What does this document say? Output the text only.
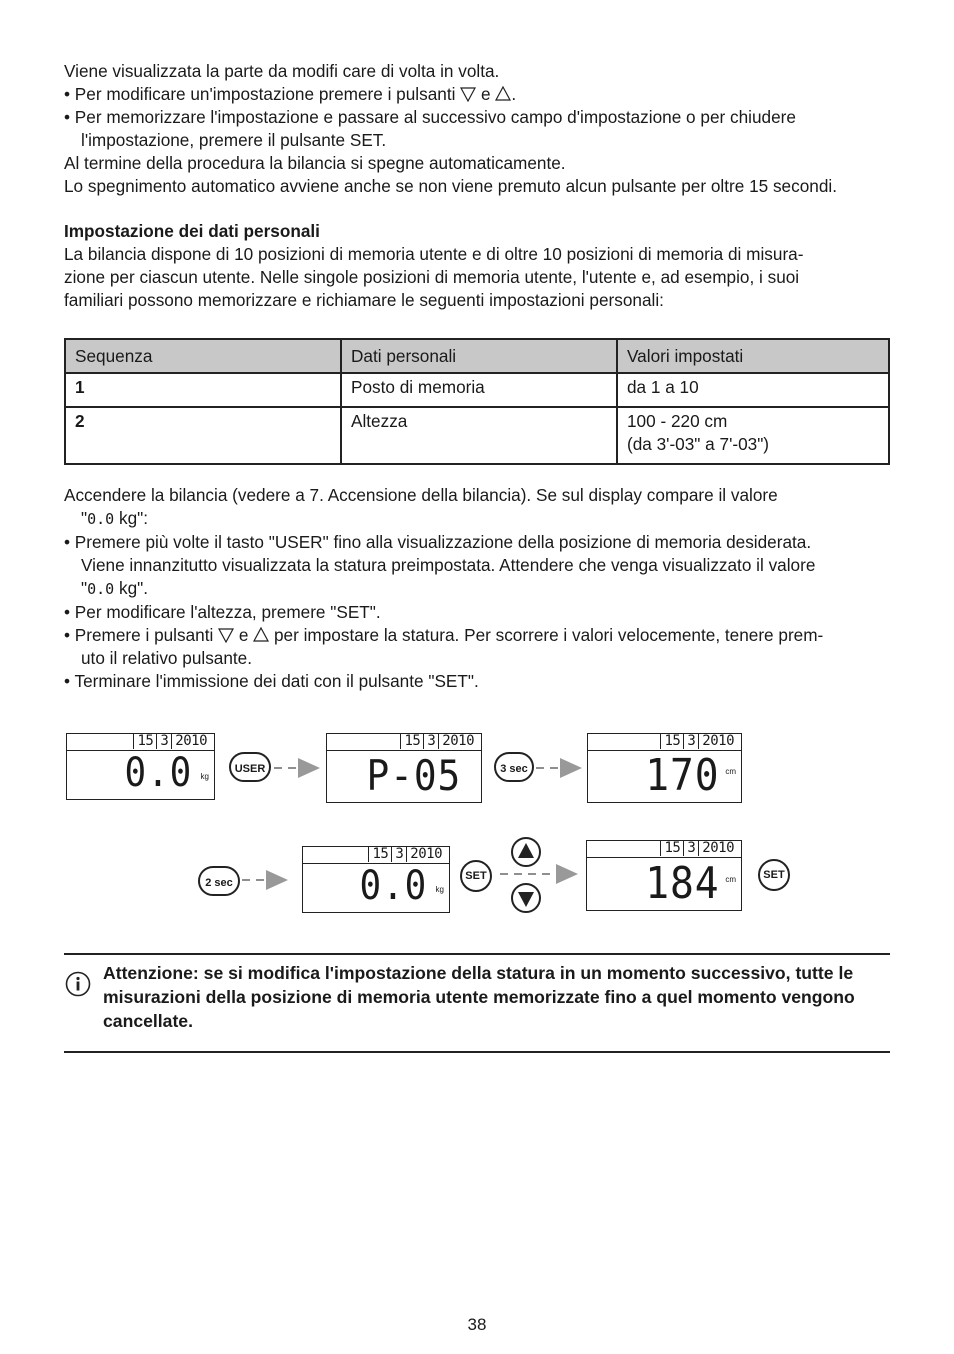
Viene visualizzata la parte da modifi care di volta in volta.

• Per modificare un'impostazione premere i pulsanti e .

• Per memorizzare l'impostazione e passare al successivo campo d'impostazione o per chiudere

l'impostazione, premere il pulsante SET.

Al termine della procedura la bilancia si spegne automaticamente.

Lo spegnimento automatico avviene anche se non viene premuto alcun pulsante per oltre 15 secondi.

Impostazione dei dati personali

La bilancia dispone di 10 posizioni di memoria utente e di oltre 10 posizioni di memoria di misura-

zione per ciascun utente. Nelle singole posizioni di memoria utente, l'utente e, ad esempio, i suoi

familiari possono memorizzare e richiamare le seguenti impostazioni personali:

Sequenza	Dati personali	Valori impostati
1	Posto di memoria	da 1 a 10
2	Altezza	100 - 220 cm
(da 3'-03" a 7'-03")

Accendere la bilancia (vedere a 7. Accensione della bilancia). Se sul display compare il valore

"0.0 kg":

• Premere più volte il tasto "USER" fino alla visualizzazione della posizione di memoria desiderata.

Viene innanzitutto visualizzata la statura preimpostata. Attendere che venga visualizzato il valore

"0.0 kg".

• Per modificare l'altezza, premere "SET".

• Premere i pulsanti e per impostare la statura. Per scorrere i valori velocemente, tenere prem-

uto il relativo pulsante.

• Terminare l'immissione dei dati con il pulsante "SET".

15 3 2010
0.0 kg
USER
15 3 2010
P-05	3 sec
15 3 2010
170 cm
2 sec
15 3 2010
0.0 kg
SET
15 3 2010
184 cm	SET
Attenzione: se si modifica l'impostazione della statura in un momento successivo, tutte le misurazioni della posizione di memoria utente memorizzate fino a quel momento vengono cancellate.
38
